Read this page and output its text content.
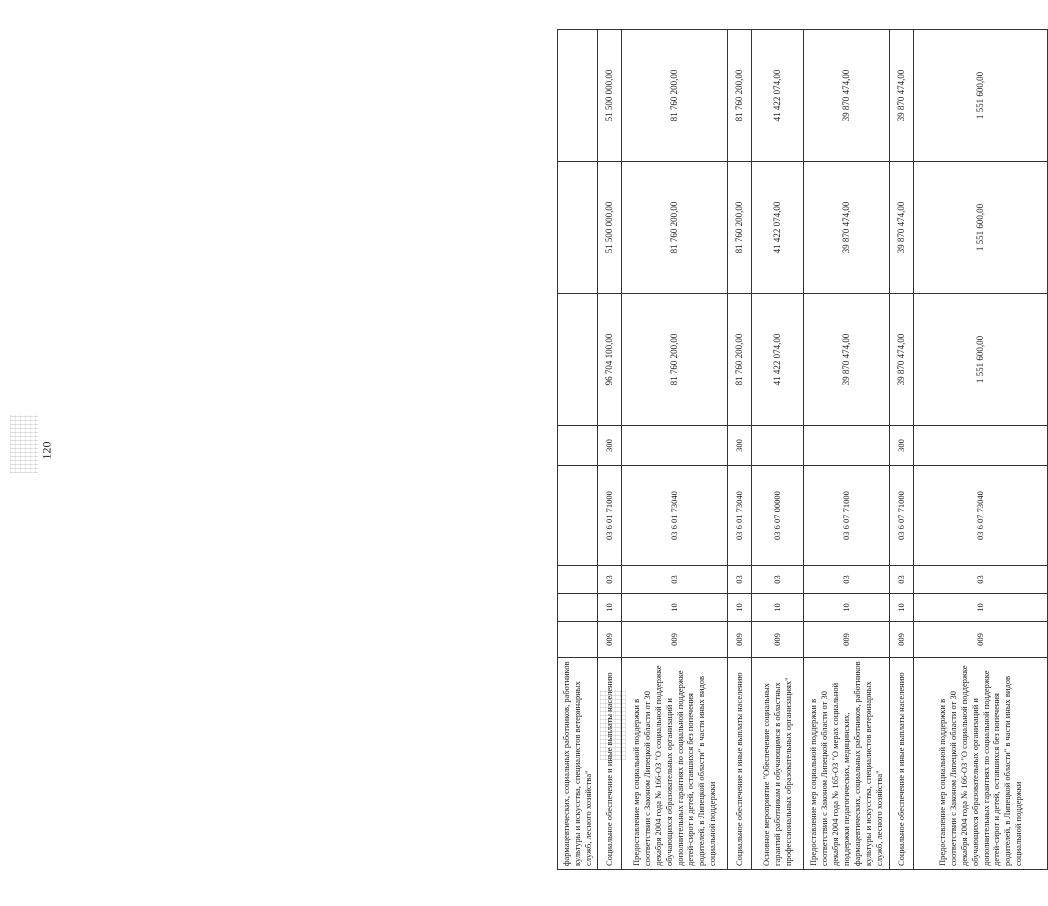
120
фармацевтических, социальных работников, работников культуры и искусства, специалистов ветеринарных служб, лесного хозяйства"								
Социальное обеспечение и иные выплаты населению	009	10	03	03 6 01 71000	300	96 704 100,00	51 500 000,00	51 500 000,00
Предоставление мер социальной поддержки в соответствии с Законом Липецкой области от 30 декабря 2004 года № 166-ОЗ "О социальной поддержке обучающихся образовательных организаций и дополнительных гарантиях по социальной поддержке детей-сирот и детей, оставшихся без попечения родителей, в Липецкой области" в части иных видов социальной поддержки	009	10	03	03 6 01 73040		81 760 200,00	81 760 200,00	81 760 200,00
Социальное обеспечение и иные выплаты населению	009	10	03	03 6 01 73040	300	81 760 200,00	81 760 200,00	81 760 200,00
Основное мероприятие "Обеспечение социальных гарантий работникам и обучающимся в областных профессиональных образовательных организациях"	009	10	03	03 6 07 00000		41 422 074,00	41 422 074,00	41 422 074,00
Предоставление мер социальной поддержки в соответствии с Законом Липецкой области от 30 декабря 2004 года № 165-ОЗ "О мерах социальной поддержки педагогических, медицинских, фармацевтических, социальных работников, работников культуры и искусства, специалистов ветеринарных служб, лесного хозяйства"	009	10	03	03 6 07 71000		39 870 474,00	39 870 474,00	39 870 474,00
Социальное обеспечение и иные выплаты населению	009	10	03	03 6 07 71000	300	39 870 474,00	39 870 474,00	39 870 474,00
Предоставление мер социальной поддержки в соответствии с Законом Липецкой области от 30 декабря 2004 года № 166-ОЗ "О социальной поддержке обучающихся образовательных организаций и дополнительных гарантиях по социальной поддержке детей-сирот и детей, оставшихся без попечения родителей, в Липецкой области" в части иных видов социальной поддержки	009	10	03	03 6 07 73040		1 551 600,00	1 551 600,00	1 551 600,00
